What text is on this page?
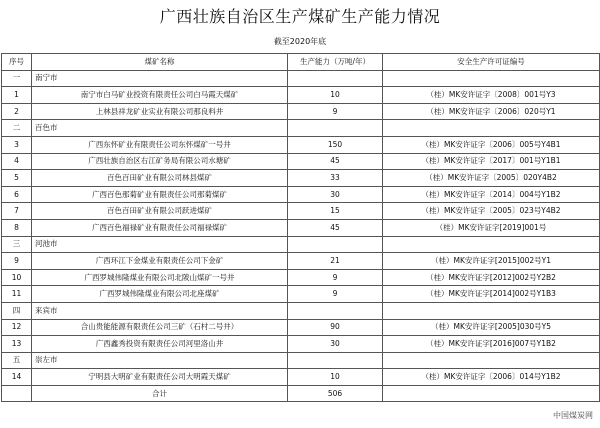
广西壮族自治区生产煤矿生产能力情况
截至2020年底
序号	煤矿名称	生产能力（万吨/年）	安全生产许可证编号
一	南宁市		
1	南宁市白马矿业投资有限责任公司白马霞天煤矿	10	（桂）MK安许证字〔2008〕001号Y3
2	上林县祥龙矿业实业有限公司那良料井	9	（桂）MK安许证字〔2006〕020号Y1
二	百色市		
3	广西东怀矿业有限责任公司东怀煤矿一号井	150	（桂）MK安许证字〔2006〕005号Y4B1
4	广西壮族自治区右江矿务局有限公司水塘矿	45	（桂）MK安许证字〔2017〕001号Y1B1
5	百色百田矿业有限公司林县煤矿	33	（桂）MK安许证字〔2005〕020Y4B2
6	广西百色那菊矿业有限责任公司那菊煤矿	30	（桂）MK安许证字〔2014〕004号Y1B2
7	百色百田矿业有限公司跃进煤矿	15	（桂）MK安许证字〔2005〕023号Y4B2
8	广西百色福禄矿业有限责任公司福禄煤矿	45	（桂）MK安许证字[2019]001号
三	河池市		
9	广西环江下金煤业有限责任公司下金矿	21	（桂）MK安许证字[2015]002号Y1
10	广西罗城伟隆煤业有限公司北陂山煤矿一号井	9	（桂）MK安许证字[2012]002号Y2B2
11	广西罗城伟隆煤业有限公司北座煤矿	9	（桂）MK安许证字[2014]002号Y1B3
四	来宾市		
12	合山贵能能源有限责任公司三矿（石村二号井）	90	（桂）MK安许证字[2005]030号Y5
13	广西鑫秀投资有限责任公司河里洛山井	30	（桂）MK安许证字[2016]007号Y1B2
五	崇左市		
14	宁明县大明矿业有限责任公司大明霞天煤矿	10	（桂）MK安许证字〔2006〕014号Y1B2
	合计	506	
中国煤炭网
